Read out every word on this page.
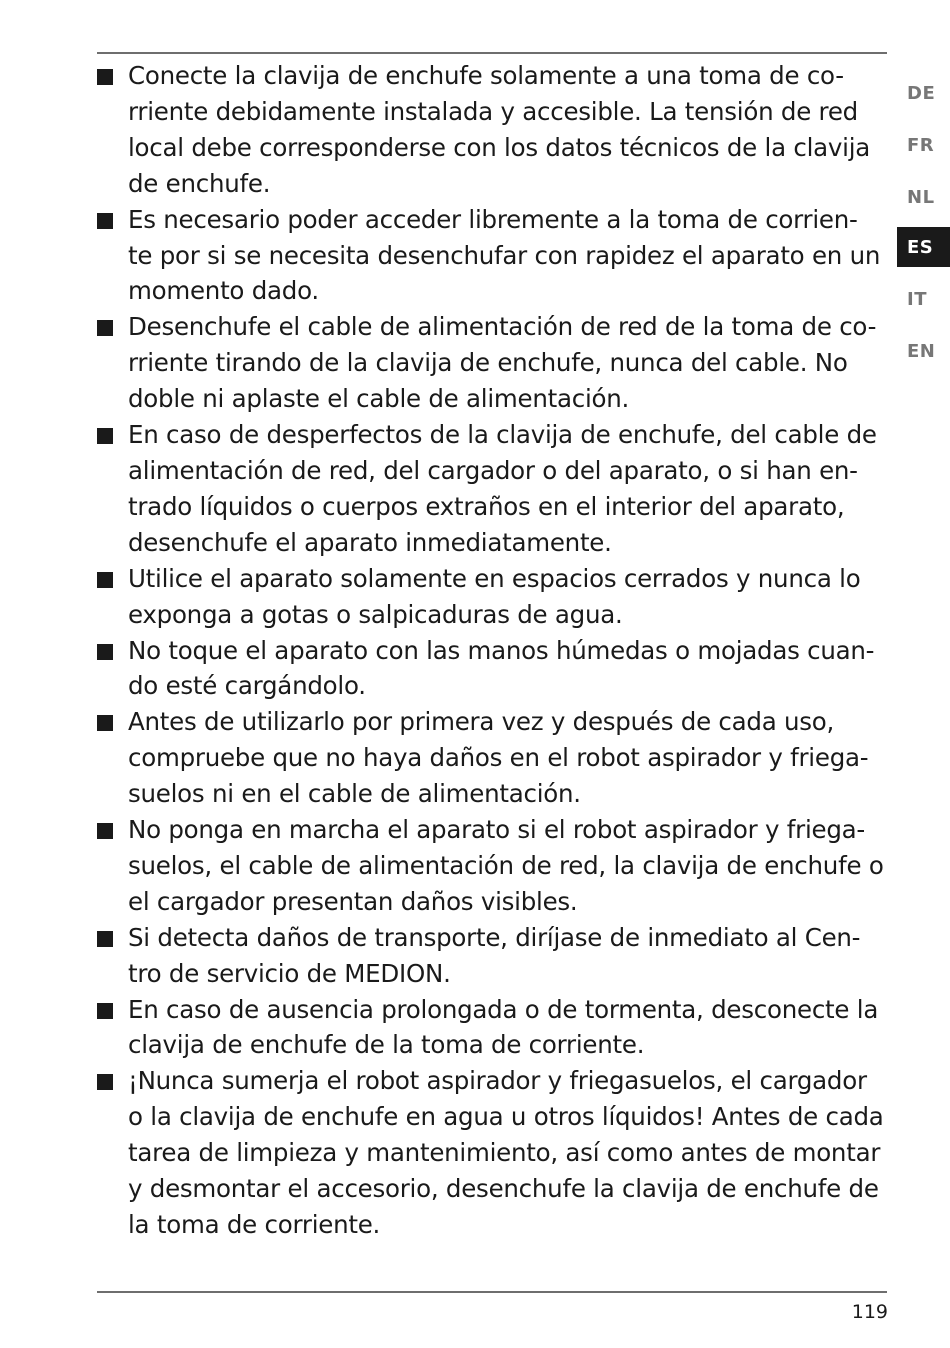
Conecte la clavija de enchufe solamente a una toma de co-
rriente debidamente instalada y accesible. La tensión de red
local debe corresponderse con los datos técnicos de la clavija
de enchufe.

Es necesario poder acceder libremente a la toma de corrien-
te por si se necesita desenchufar con rapidez el aparato en un
momento dado.

Desenchufe el cable de alimentación de red de la toma de co-
rriente tirando de la clavija de enchufe, nunca del cable. No
doble ni aplaste el cable de alimentación.

En caso de desperfectos de la clavija de enchufe, del cable de
alimentación de red, del cargador o del aparato, o si han en-
trado líquidos o cuerpos extraños en el interior del aparato,
desenchufe el aparato inmediatamente.

Utilice el aparato solamente en espacios cerrados y nunca lo
exponga a gotas o salpicaduras de agua.

No toque el aparato con las manos húmedas o mojadas cuan-
do esté cargándolo.

Antes de utilizarlo por primera vez y después de cada uso,
compruebe que no haya daños en el robot aspirador y friega-
suelos ni en el cable de alimentación.

No ponga en marcha el aparato si el robot aspirador y friega-
suelos, el cable de alimentación de red, la clavija de enchufe o
el cargador presentan daños visibles.

Si detecta daños de transporte, diríjase de inmediato al Cen-
tro de servicio de MEDION.

En caso de ausencia prolongada o de tormenta, desconecte la
clavija de enchufe de la toma de corriente.

¡Nunca sumerja el robot aspirador y friegasuelos, el cargador
o la clavija de enchufe en agua u otros líquidos! Antes de cada
tarea de limpieza y mantenimiento, así como antes de montar
y desmontar el accesorio, desenchufe la clavija de enchufe de
la toma de corriente.

DE
FR
NL
ES
IT
EN
119
